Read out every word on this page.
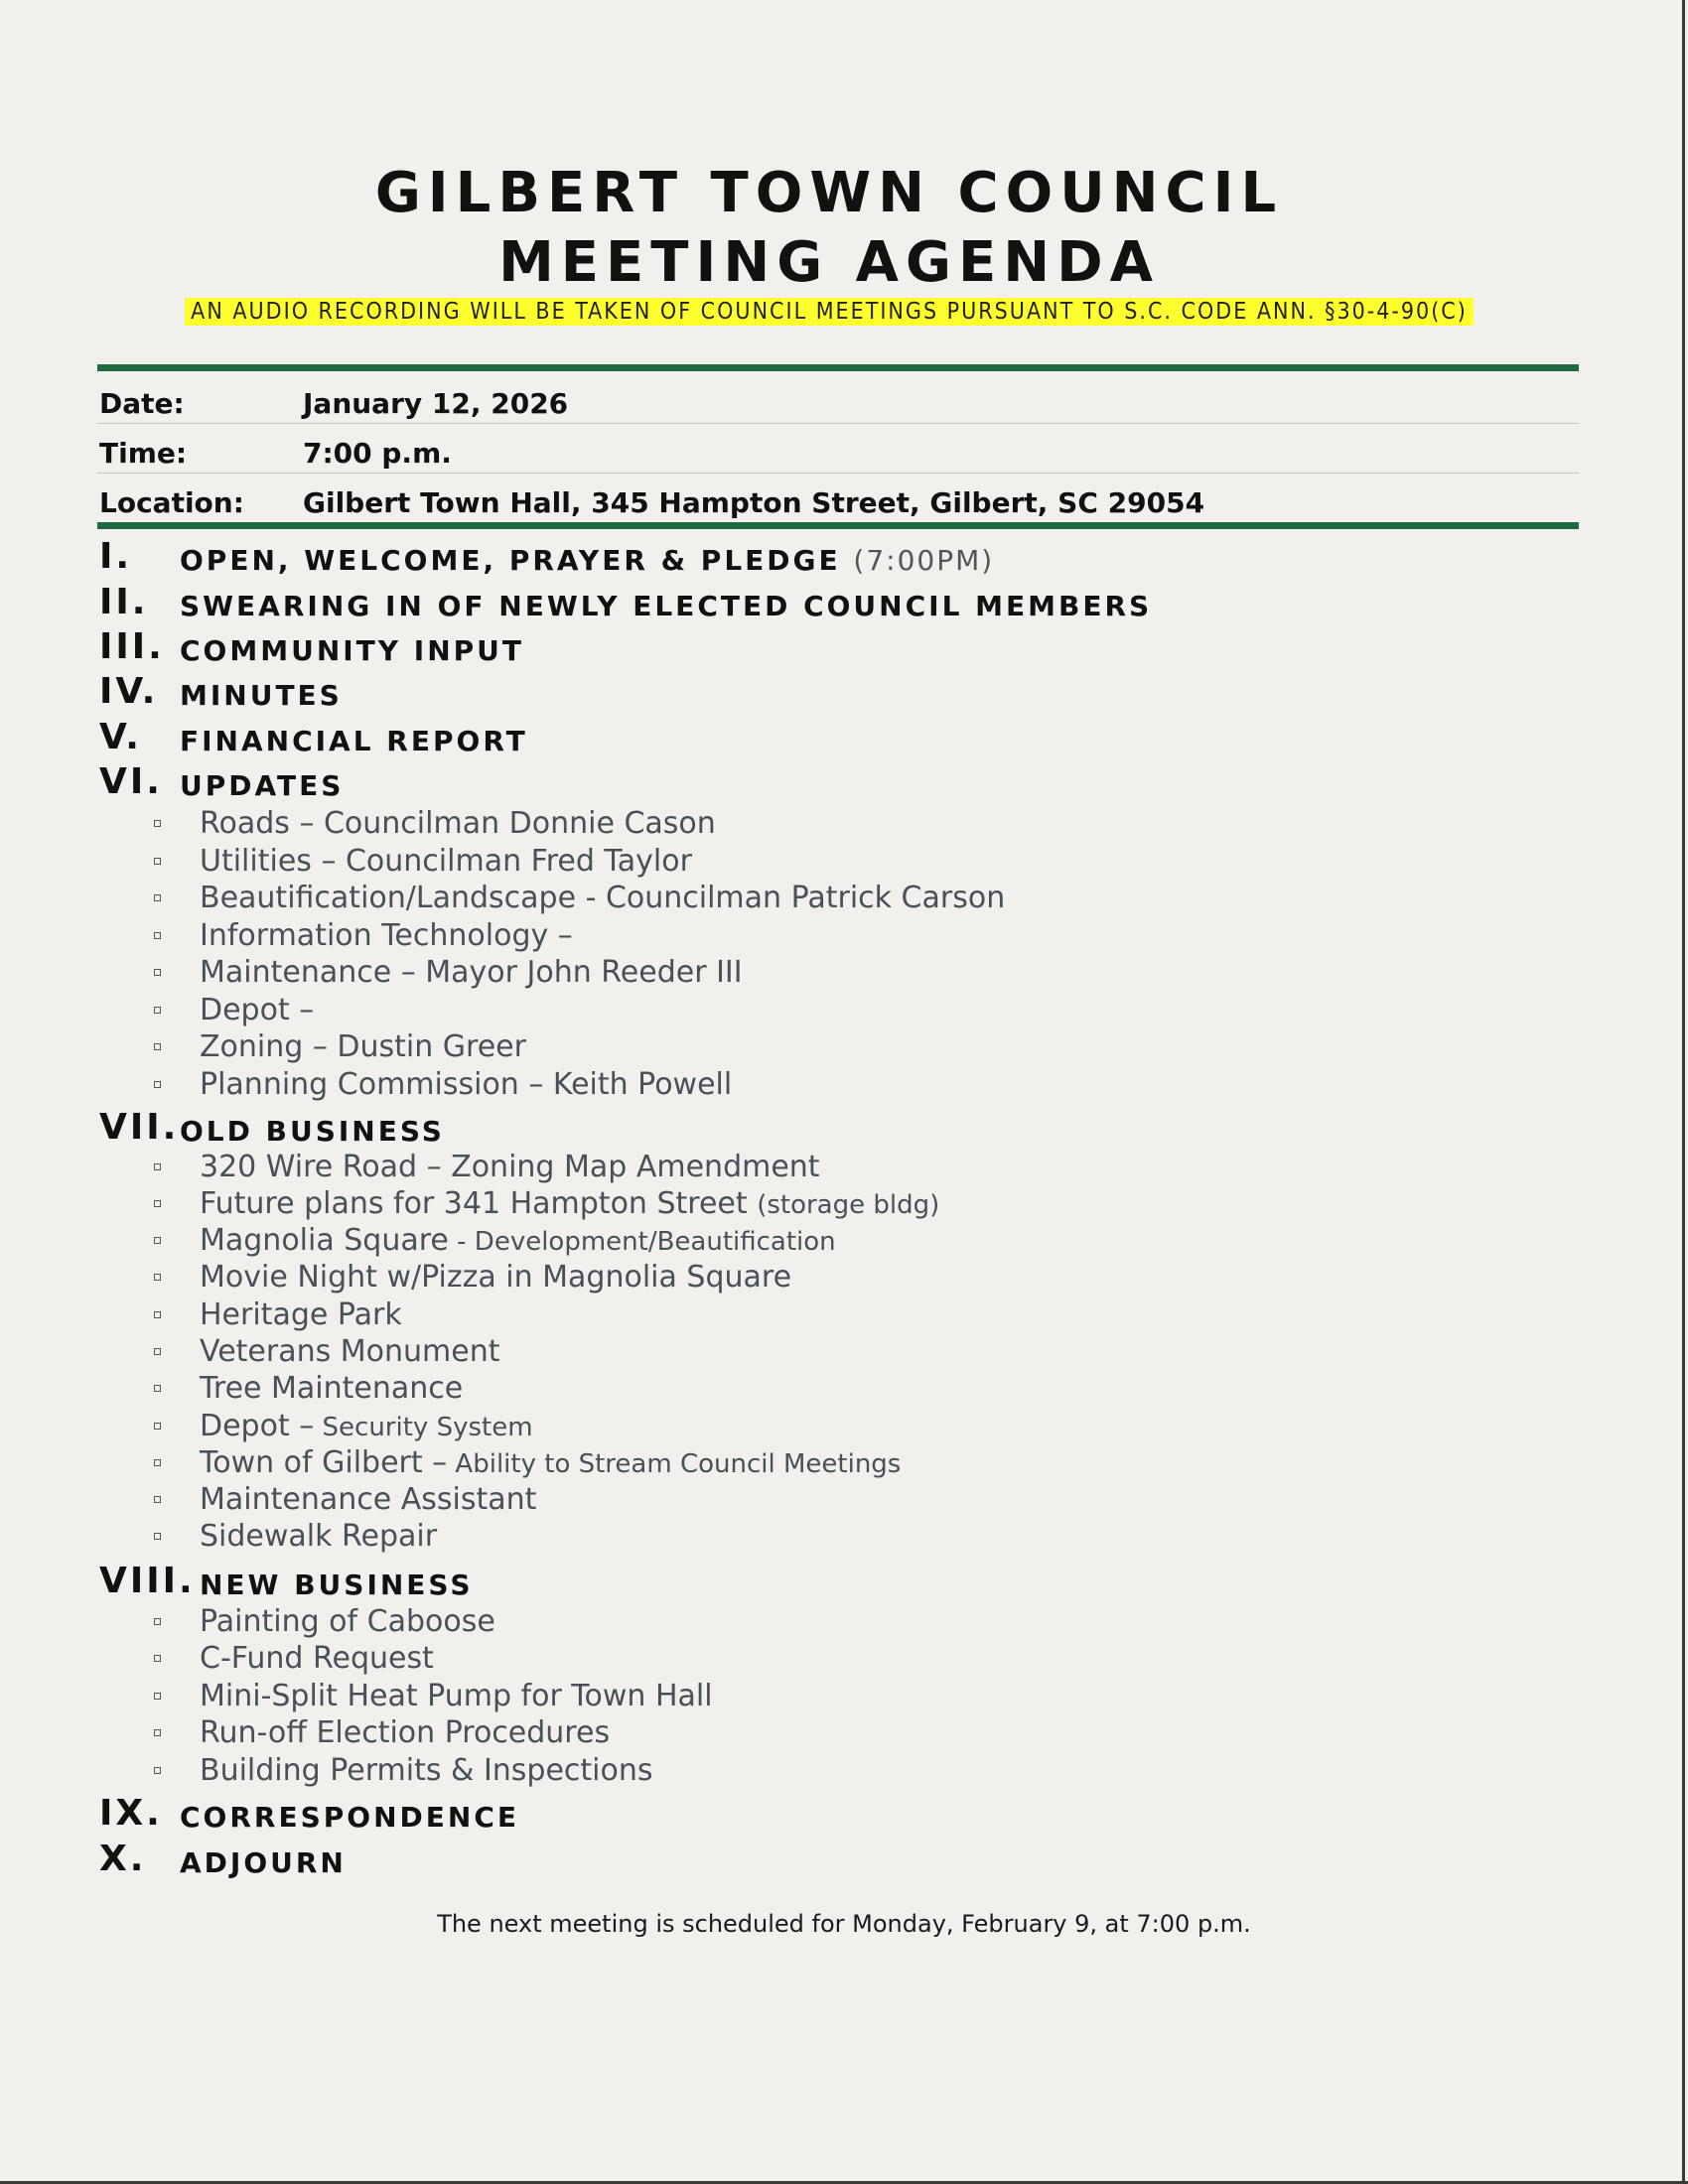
GILBERT TOWN COUNCIL
MEETING AGENDA
AN AUDIO RECORDING WILL BE TAKEN OF COUNCIL MEETINGS PURSUANT TO S.C. CODE ANN. §30-4-90(C)
Date:	January 12, 2026
Time:	7:00 p.m.
Location: Gilbert Town Hall, 345 Hampton Street, Gilbert, SC 29054
I. OPEN, WELCOME, PRAYER & PLEDGE (7:00PM)
II. SWEARING IN OF NEWLY ELECTED COUNCIL MEMBERS
III. COMMUNITY INPUT
IV. MINUTES
V. FINANCIAL REPORT
VI. UPDATES
Roads – Councilman Donnie Cason
Utilities – Councilman Fred Taylor
Beautification/Landscape - Councilman Patrick Carson
Information Technology –
Maintenance – Mayor John Reeder III
Depot –
Zoning – Dustin Greer
Planning Commission – Keith Powell
VII. OLD BUSINESS
320 Wire Road – Zoning Map Amendment
Future plans for 341 Hampton Street (storage bldg)
Magnolia Square - Development/Beautification
Movie Night w/Pizza in Magnolia Square
Heritage Park
Veterans Monument
Tree Maintenance
Depot – Security System
Town of Gilbert – Ability to Stream Council Meetings
Maintenance Assistant
Sidewalk Repair
VIII. NEW BUSINESS
Painting of Caboose
C-Fund Request
Mini-Split Heat Pump for Town Hall
Run-off Election Procedures
Building Permits & Inspections
IX. CORRESPONDENCE
X. ADJOURN
The next meeting is scheduled for Monday, February 9, at 7:00 p.m.
